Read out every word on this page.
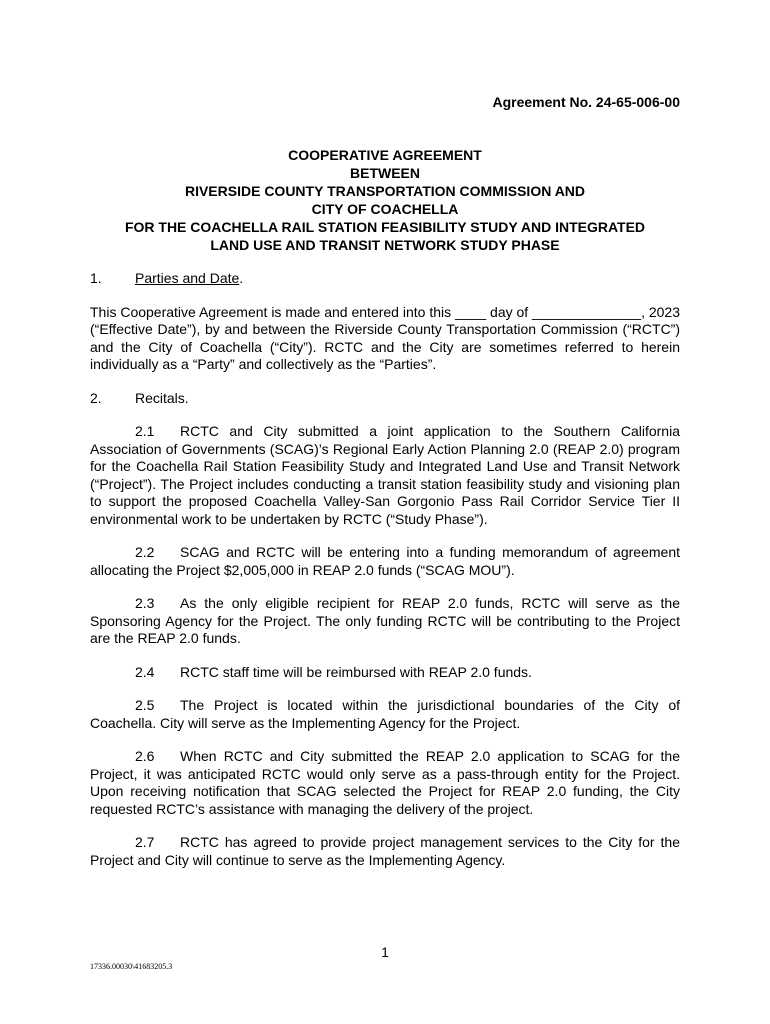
Agreement No. 24-65-006-00
COOPERATIVE AGREEMENT
BETWEEN
RIVERSIDE COUNTY TRANSPORTATION COMMISSION AND
CITY OF COACHELLA
FOR THE COACHELLA RAIL STATION FEASIBILITY STUDY AND INTEGRATED
LAND USE AND TRANSIT NETWORK STUDY PHASE
1.	Parties and Date.

This Cooperative Agreement is made and entered into this ____ day of ______________, 2023 (“Effective Date”), by and between the Riverside County Transportation Commission (“RCTC”) and the City of Coachella (“City”). RCTC and the City are sometimes referred to herein individually as a “Party” and collectively as the “Parties”.

2.	Recitals.

2.1 RCTC and City submitted a joint application to the Southern California Association of Governments (SCAG)’s Regional Early Action Planning 2.0 (REAP 2.0) program for the Coachella Rail Station Feasibility Study and Integrated Land Use and Transit Network (“Project”). The Project includes conducting a transit station feasibility study and visioning plan to support the proposed Coachella Valley-San Gorgonio Pass Rail Corridor Service Tier II environmental work to be undertaken by RCTC (“Study Phase”).

2.2 SCAG and RCTC will be entering into a funding memorandum of agreement allocating the Project $2,005,000 in REAP 2.0 funds (“SCAG MOU”).

2.3 As the only eligible recipient for REAP 2.0 funds, RCTC will serve as the Sponsoring Agency for the Project. The only funding RCTC will be contributing to the Project are the REAP 2.0 funds.

2.4 RCTC staff time will be reimbursed with REAP 2.0 funds.

2.5 The Project is located within the jurisdictional boundaries of the City of Coachella. City will serve as the Implementing Agency for the Project.

2.6 When RCTC and City submitted the REAP 2.0 application to SCAG for the Project, it was anticipated RCTC would only serve as a pass-through entity for the Project. Upon receiving notification that SCAG selected the Project for REAP 2.0 funding, the City requested RCTC’s assistance with managing the delivery of the project.

2.7 RCTC has agreed to provide project management services to the City for the Project and City will continue to serve as the Implementing Agency.

1
17336.00030\41683205.3
